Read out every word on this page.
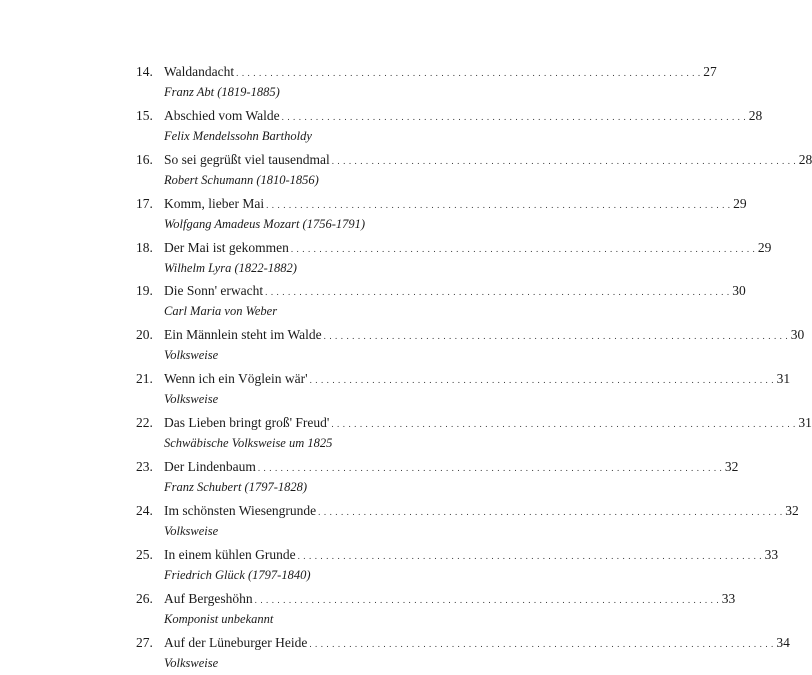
14. Waldandacht . . . . . . . . . . . . . . . . . . . . . . . . . . . . . . . . . . . . . . . . . . . . . . . . . . . . . . . . . . . . . . . . . . . . . . . . . . . . . . . . . . 27
Franz Abt (1819-1885)
15. Abschied vom Walde . . . . . . . . . . . . . . . . . . . . . . . . . . . . . . . . . . . . . . . . . . . . . . . . . . . . . . . . . . . . . . . . . . . . . . . . . . . . . . . . . . 28
Felix Mendelssohn Bartholdy
16. So sei gegrüßt viel tausendmal . . . . . . . . . . . . . . . . . . . . . . . . . . . . . . . . . . . . . . . . . . . . . . . . . . . . . . . . . . . . . . . . . . . . . . . . . . . . . . . . . . 28
Robert Schumann (1810-1856)
17. Komm, lieber Mai . . . . . . . . . . . . . . . . . . . . . . . . . . . . . . . . . . . . . . . . . . . . . . . . . . . . . . . . . . . . . . . . . . . . . . . . . . . . . . . . . . 29
Wolfgang Amadeus Mozart (1756-1791)
18. Der Mai ist gekommen . . . . . . . . . . . . . . . . . . . . . . . . . . . . . . . . . . . . . . . . . . . . . . . . . . . . . . . . . . . . . . . . . . . . . . . . . . . . . . . . . . 29
Wilhelm Lyra (1822-1882)
19. Die Sonn' erwacht . . . . . . . . . . . . . . . . . . . . . . . . . . . . . . . . . . . . . . . . . . . . . . . . . . . . . . . . . . . . . . . . . . . . . . . . . . . . . . . . . . 30
Carl Maria von Weber
20. Ein Männlein steht im Walde . . . . . . . . . . . . . . . . . . . . . . . . . . . . . . . . . . . . . . . . . . . . . . . . . . . . . . . . . . . . . . . . . . . . . . . . . . . . . . . . . . 30
Volksweise
21. Wenn ich ein Vöglein wär' . . . . . . . . . . . . . . . . . . . . . . . . . . . . . . . . . . . . . . . . . . . . . . . . . . . . . . . . . . . . . . . . . . . . . . . . . . . . . . . . . . 31
Volksweise
22. Das Lieben bringt groß' Freud' . . . . . . . . . . . . . . . . . . . . . . . . . . . . . . . . . . . . . . . . . . . . . . . . . . . . . . . . . . . . . . . . . . . . . . . . . . . . . . . . . . 31
Schwäbische Volksweise um 1825
23. Der Lindenbaum . . . . . . . . . . . . . . . . . . . . . . . . . . . . . . . . . . . . . . . . . . . . . . . . . . . . . . . . . . . . . . . . . . . . . . . . . . . . . . . . . . 32
Franz Schubert (1797-1828)
24. Im schönsten Wiesengrunde . . . . . . . . . . . . . . . . . . . . . . . . . . . . . . . . . . . . . . . . . . . . . . . . . . . . . . . . . . . . . . . . . . . . . . . . . . . . . . . . . . 32
Volksweise
25. In einem kühlen Grunde . . . . . . . . . . . . . . . . . . . . . . . . . . . . . . . . . . . . . . . . . . . . . . . . . . . . . . . . . . . . . . . . . . . . . . . . . . . . . . . . . . 33
Friedrich Glück (1797-1840)
26. Auf Bergeshöhn . . . . . . . . . . . . . . . . . . . . . . . . . . . . . . . . . . . . . . . . . . . . . . . . . . . . . . . . . . . . . . . . . . . . . . . . . . . . . . . . . . 33
Komponist unbekannt
27. Auf der Lüneburger Heide . . . . . . . . . . . . . . . . . . . . . . . . . . . . . . . . . . . . . . . . . . . . . . . . . . . . . . . . . . . . . . . . . . . . . . . . . . . . . . . . . . 34
Volksweise
